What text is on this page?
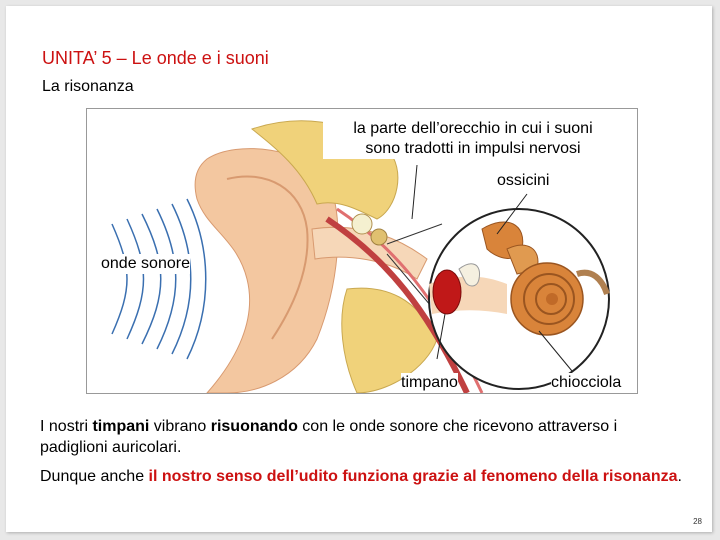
UNITA’ 5 – Le onde e i suoni
La risonanza
la parte dell’orecchio in cui i suoni
sono tradotti in impulsi nervosi
ossicini
onde sonore
timpano	chiocciola
I nostri timpani vibrano risuonando con le onde sonore che ricevono attraverso i padiglioni auricolari.
Dunque anche il nostro senso dell’udito funziona grazie al fenomeno della risonanza.
28
